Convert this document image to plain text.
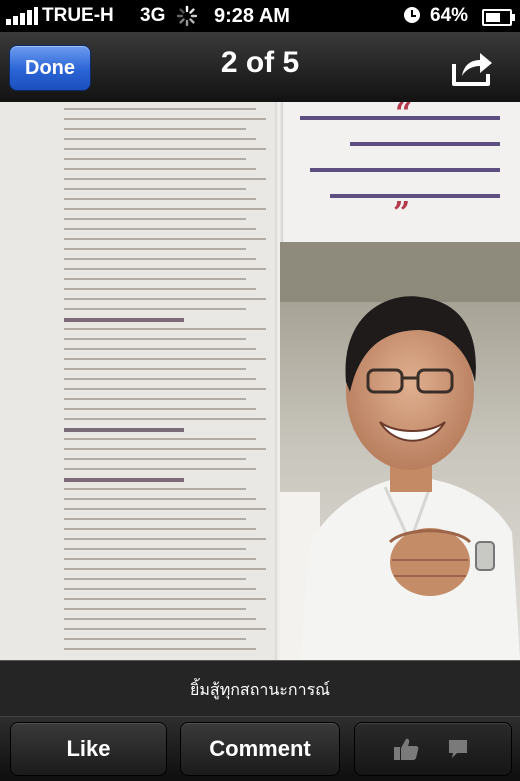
TRUE-H 3G 9:28 AM	64%
Done	2 of 5
”
ยิ้มสู้ทุกสถานะการณ์
Like	Comment
